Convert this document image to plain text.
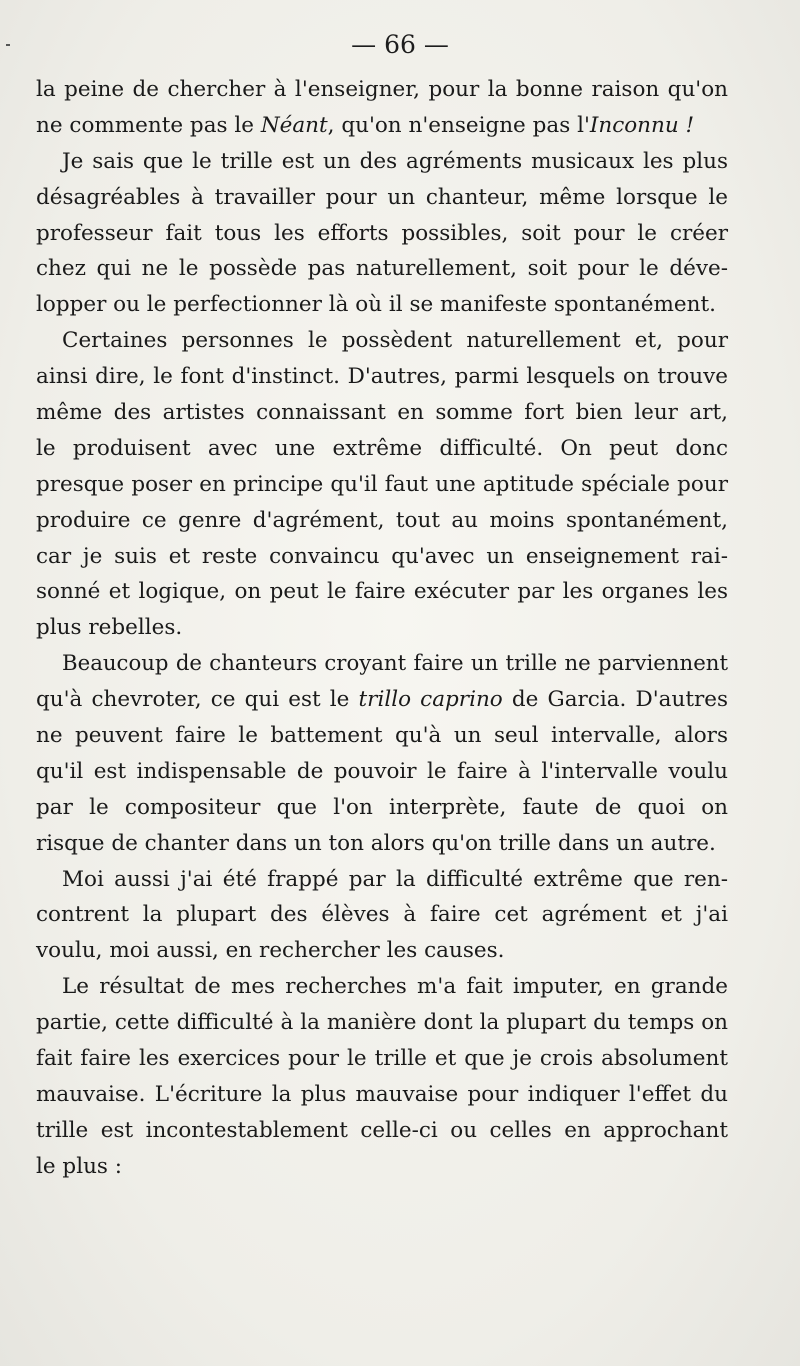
— 66 —
la peine de chercher à l'enseigner, pour la bonne raison qu'on
ne commente pas le Néant, qu'on n'enseigne pas l'Inconnu !
Je sais que le trille est un des agréments musicaux les plus
désagréables à travailler pour un chanteur, même lorsque le
professeur fait tous les efforts possibles, soit pour le créer
chez qui ne le possède pas naturellement, soit pour le déve-
lopper ou le perfectionner là où il se manifeste spontanément.
Certaines personnes le possèdent naturellement et, pour
ainsi dire, le font d'instinct. D'autres, parmi lesquels on trouve
même des artistes connaissant en somme fort bien leur art,
le produisent avec une extrême difficulté. On peut donc
presque poser en principe qu'il faut une aptitude spéciale pour
produire ce genre d'agrément, tout au moins spontanément,
car je suis et reste convaincu qu'avec un enseignement rai-
sonné et logique, on peut le faire exécuter par les organes les
plus rebelles.
Beaucoup de chanteurs croyant faire un trille ne parviennent
qu'à chevroter, ce qui est le trillo caprino de Garcia. D'autres
ne peuvent faire le battement qu'à un seul intervalle, alors
qu'il est indispensable de pouvoir le faire à l'intervalle voulu
par le compositeur que l'on interprète, faute de quoi on
risque de chanter dans un ton alors qu'on trille dans un autre.
Moi aussi j'ai été frappé par la difficulté extrême que ren-
contrent la plupart des élèves à faire cet agrément et j'ai
voulu, moi aussi, en rechercher les causes.
Le résultat de mes recherches m'a fait imputer, en grande
partie, cette difficulté à la manière dont la plupart du temps on
fait faire les exercices pour le trille et que je crois absolument
mauvaise. L'écriture la plus mauvaise pour indiquer l'effet du
trille est incontestablement celle-ci ou celles en approchant
le plus :
